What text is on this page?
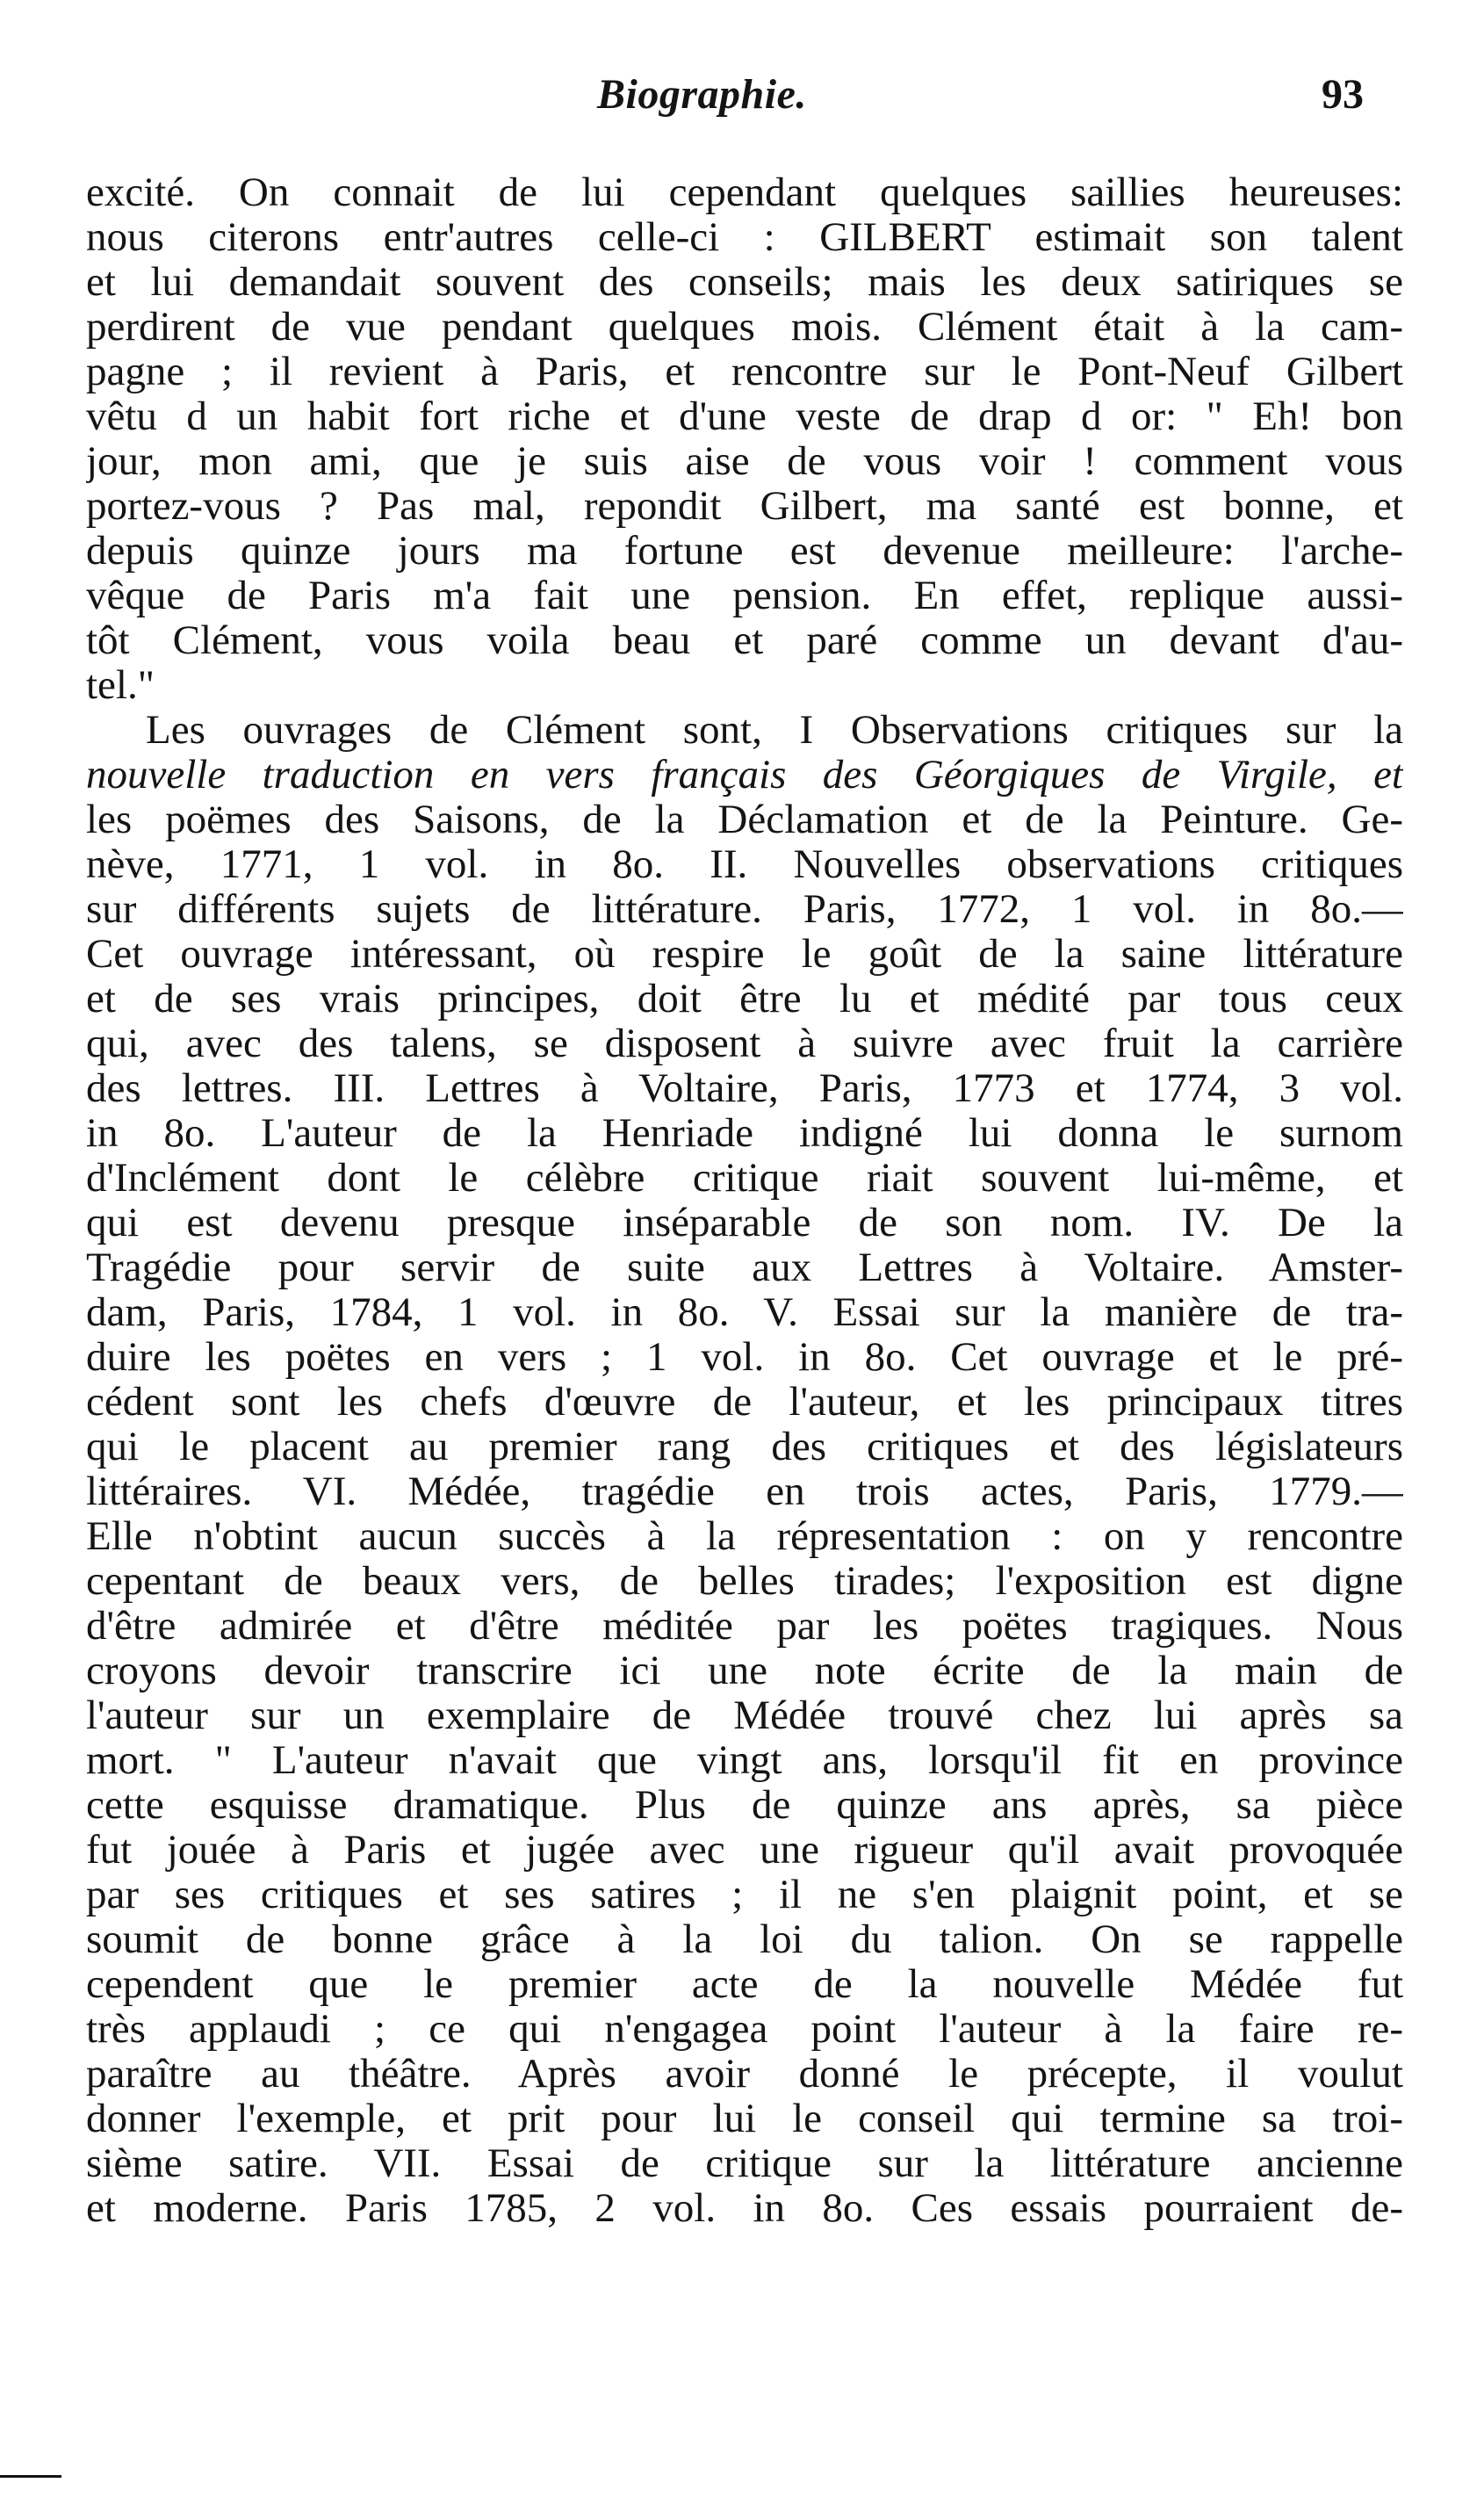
Biographie.	93
excité. On connait de lui cependant quelques saillies heureuses:
nous citerons entr'autres celle-ci : GILBERT estimait son talent
et lui demandait souvent des conseils; mais les deux satiriques se
perdirent de vue pendant quelques mois. Clément était à la cam-
pagne ; il revient à Paris, et rencontre sur le Pont-Neuf Gilbert
vêtu d un habit fort riche et d'une veste de drap d or: " Eh! bon
jour, mon ami, que je suis aise de vous voir ! comment vous
portez-vous ? Pas mal, repondit Gilbert, ma santé est bonne, et
depuis quinze jours ma fortune est devenue meilleure: l'arche-
vêque de Paris m'a fait une pension. En effet, replique aussi-
tôt Clément, vous voila beau et paré comme un devant d'au-
tel."
Les ouvrages de Clément sont, I Observations critiques sur la
nouvelle traduction en vers français des Géorgiques de Virgile, et
les poëmes des Saisons, de la Déclamation et de la Peinture. Ge-
nève, 1771, 1 vol. in 8o. II. Nouvelles observations critiques
sur différents sujets de littérature. Paris, 1772, 1 vol. in 8o.—
Cet ouvrage intéressant, où respire le goût de la saine littérature
et de ses vrais principes, doit être lu et médité par tous ceux
qui, avec des talens, se disposent à suivre avec fruit la carrière
des lettres. III. Lettres à Voltaire, Paris, 1773 et 1774, 3 vol.
in 8o. L'auteur de la Henriade indigné lui donna le surnom
d'Inclément dont le célèbre critique riait souvent lui-même, et
qui est devenu presque inséparable de son nom. IV. De la
Tragédie pour servir de suite aux Lettres à Voltaire. Amster-
dam, Paris, 1784, 1 vol. in 8o. V. Essai sur la manière de tra-
duire les poëtes en vers ; 1 vol. in 8o. Cet ouvrage et le pré-
cédent sont les chefs d'œuvre de l'auteur, et les principaux titres
qui le placent au premier rang des critiques et des législateurs
littéraires. VI. Médée, tragédie en trois actes, Paris, 1779.—
Elle n'obtint aucun succès à la répresentation : on y rencontre
cepentant de beaux vers, de belles tirades; l'exposition est digne
d'être admirée et d'être méditée par les poëtes tragiques. Nous
croyons devoir transcrire ici une note écrite de la main de
l'auteur sur un exemplaire de Médée trouvé chez lui après sa
mort. " L'auteur n'avait que vingt ans, lorsqu'il fit en province
cette esquisse dramatique. Plus de quinze ans après, sa pièce
fut jouée à Paris et jugée avec une rigueur qu'il avait provoquée
par ses critiques et ses satires ; il ne s'en plaignit point, et se
soumit de bonne grâce à la loi du talion. On se rappelle
cependent que le premier acte de la nouvelle Médée fut
très applaudi ; ce qui n'engagea point l'auteur à la faire re-
paraître au théâtre. Après avoir donné le précepte, il voulut
donner l'exemple, et prit pour lui le conseil qui termine sa troi-
sième satire. VII. Essai de critique sur la littérature ancienne
et moderne. Paris 1785, 2 vol. in 8o. Ces essais pourraient de-
